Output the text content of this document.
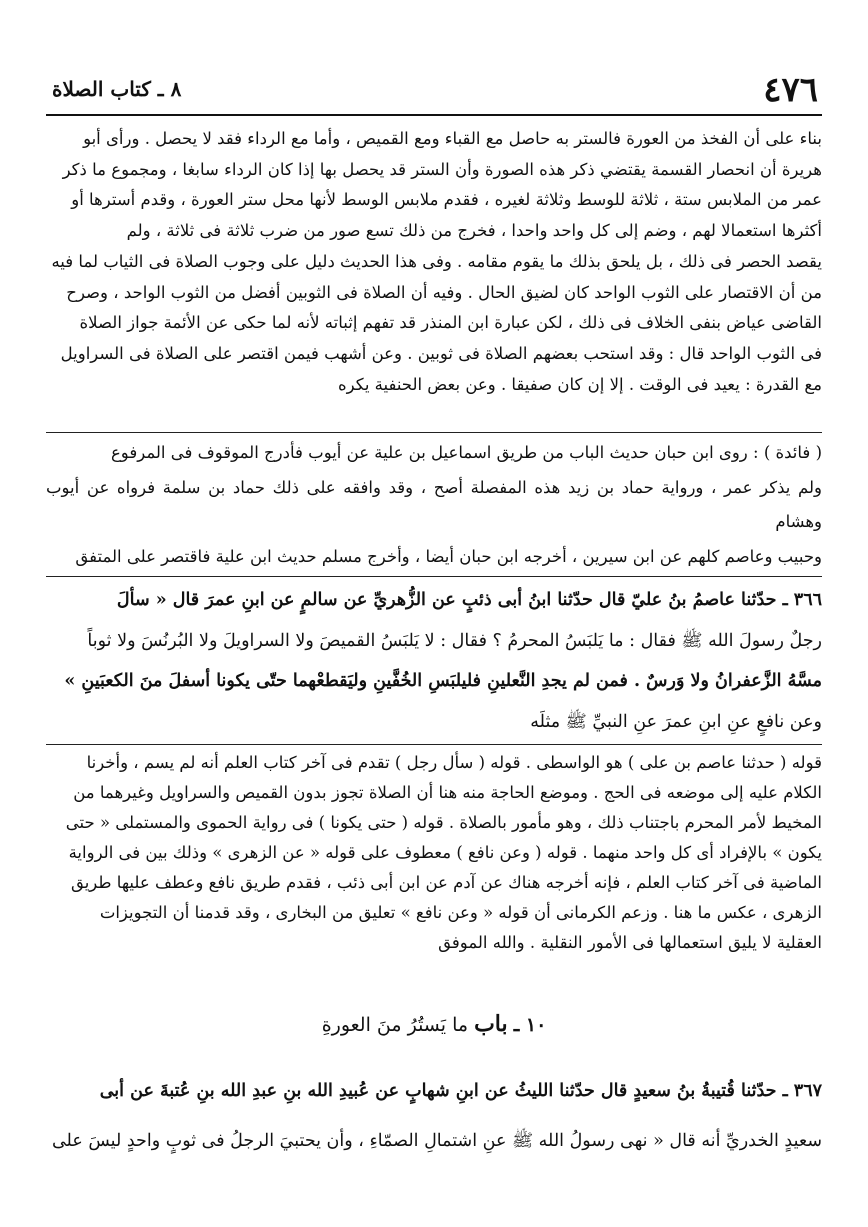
٤٧٦
٨ ـ كتاب الصلاة

بناء على أن الفخذ من العورة فالستر به حاصل مع القباء ومع القميص ، وأما مع الرداء فقد لا يحصل . ورأى أبو

هريرة أن انحصار القسمة يقتضي ذكر هذه الصورة وأن الستر قد يحصل بها إذا كان الرداء سابغا ، ومجموع ما ذكر

عمر من الملابس ستة ، ثلاثة للوسط وثلاثة لغيره ، فقدم ملابس الوسط لأنها محل ستر العورة ، وقدم أسترها أو

أكثرها استعمالا لهم ، وضم إلى كل واحد واحدا ، فخرج من ذلك تسع صور من ضرب ثلاثة فى ثلاثة ، ولم

يقصد الحصر فى ذلك ، بل يلحق بذلك ما يقوم مقامه . وفى هذا الحديث دليل على وجوب الصلاة فى الثياب لما فيه

من أن الاقتصار على الثوب الواحد كان لضيق الحال . وفيه أن الصلاة فى الثوبين أفضل من الثوب الواحد ، وصرح

القاضى عياض بنفى الخلاف فى ذلك ، لكن عبارة ابن المنذر قد تفهم إثباته لأنه لما حكى عن الأئمة جواز الصلاة

فى الثوب الواحد قال : وقد استحب بعضهم الصلاة فى ثوبين . وعن أشهب فيمن اقتصر على الصلاة فى السراويل

مع القدرة : يعيد فى الوقت . إلا إن كان صفيقا . وعن بعض الحنفية يكره

( فائدة ) : روى ابن حبان حديث الباب من طريق اسماعيل بن علية عن أيوب فأدرج الموقوف فى المرفوع

ولم يذكر عمر ، ورواية حماد بن زيد هذه المفصلة أصح ، وقد وافقه على ذلك حماد بن سلمة فرواه عن أيوب وهشام

وحبيب وعاصم كلهم عن ابن سيرين ، أخرجه ابن حبان أيضا ، وأخرج مسلم حديث ابن علية فاقتصر على المتفق

٣٦٦ ـ حدّثنا عاصمُ بنُ عليّ قال حدّثنا ابنُ أبى ذئبٍ عن الزُّهريِّ عن سالمٍ عن ابنِ عمرَ قال « سألَ

رجلٌ رسولَ الله ﷺ فقال : ما يَلبَسُ المحرمُ ؟ فقال : لا يَلبَسُ القميصَ ولا السراويلَ ولا البُرنُسَ ولا ثوباً

مسَّهُ الزَّعفرانُ ولا وَرسٌ . فمن لم يجدِ النَّعلينِ فليلبَسِ الخُفَّينِ وليَقطعْهما حتّى يكونا أسفلَ منَ الكعبَينِ »

وعن نافعٍ عنِ ابنِ عمرَ عنِ النبيِّ ﷺ مثلَه

قوله ( حدثنا عاصم بن على ) هو الواسطى . قوله ( سأل رجل ) تقدم فى آخر كتاب العلم أنه لم يسم ، وأخرنا

الكلام عليه إلى موضعه فى الحج . وموضع الحاجة منه هنا أن الصلاة تجوز بدون القميص والسراويل وغيرهما من

المخيط لأمر المحرم باجتناب ذلك ، وهو مأمور بالصلاة . قوله ( حتى يكونا ) فى رواية الحموى والمستملى « حتى

يكون » بالإفراد أى كل واحد منهما . قوله ( وعن نافع ) معطوف على قوله « عن الزهرى » وذلك بين فى الرواية

الماضية فى آخر كتاب العلم ، فإنه أخرجه هناك عن آدم عن ابن أبى ذئب ، فقدم طريق نافع وعطف عليها طريق

الزهرى ، عكس ما هنا . وزعم الكرمانى أن قوله « وعن نافع » تعليق من البخارى ، وقد قدمنا أن التجويزات

العقلية لا يليق استعمالها فى الأمور النقلية . والله الموفق

١٠ ـ باب ما يَستُرُ منَ العورةِ

٣٦٧ ـ حدّثنا قُتيبةُ بنُ سعيدٍ قال حدّثنا الليثُ عن ابنِ شهابٍ عن عُبيدِ الله بنِ عبدِ الله بنِ عُتبةَ عن أبى

سعيدٍ الخدريِّ أنه قال « نهى رسولُ الله ﷺ عنِ اشتمالِ الصمّاءِ ، وأن يحتبيَ الرجلُ فى ثوبٍ واحدٍ ليسَ على
